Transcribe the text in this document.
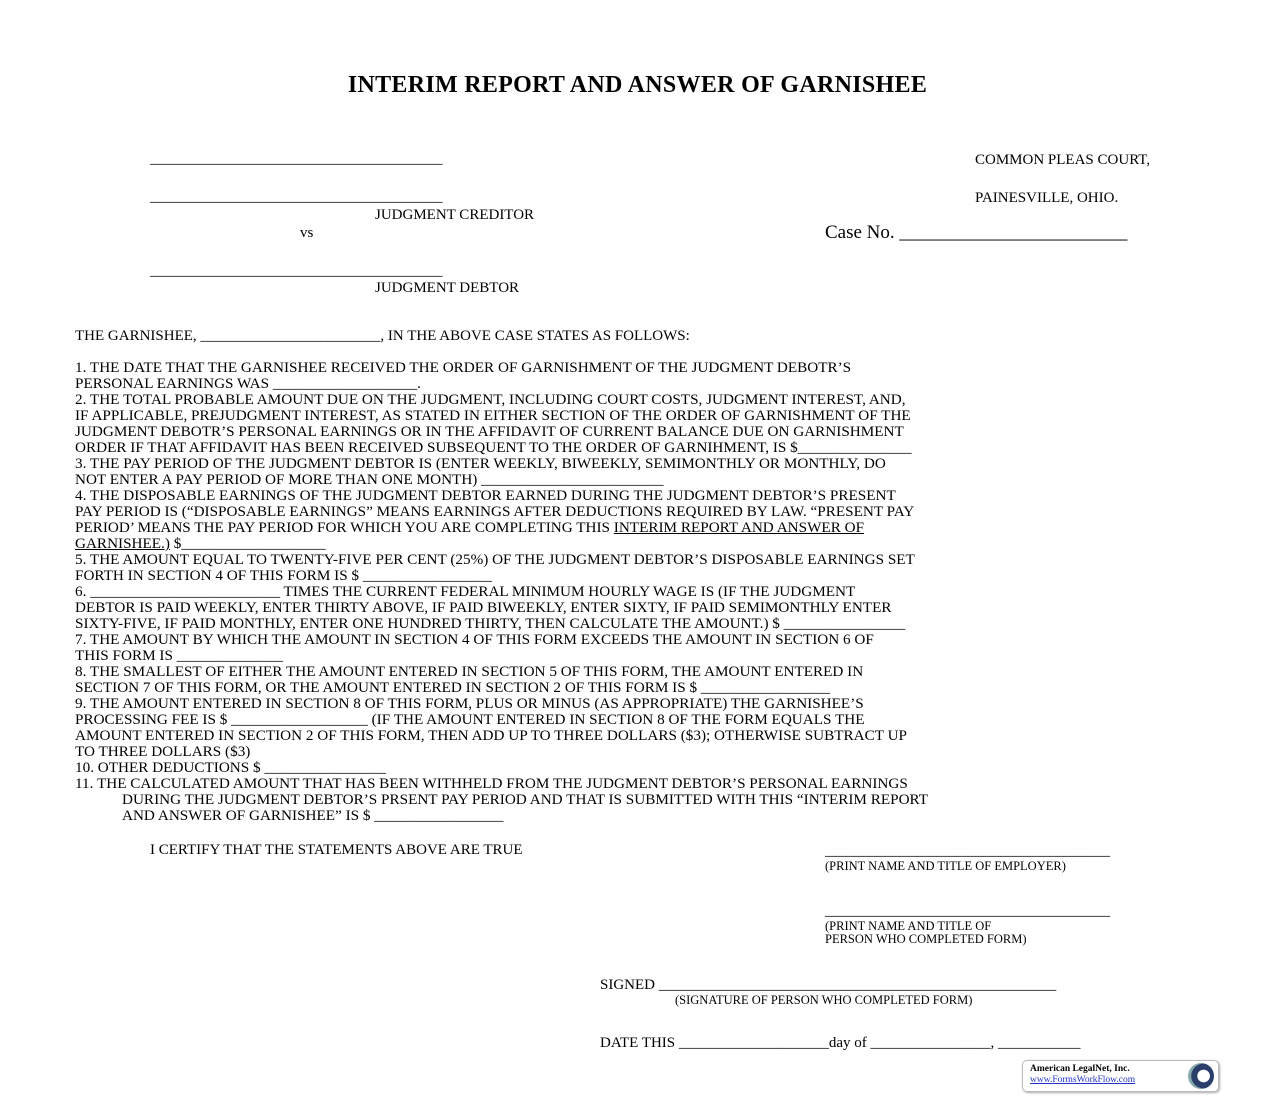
INTERIM REPORT AND ANSWER OF GARNISHEE
_______________________________________
_______________________________________
JUDGMENT CREDITOR
vs
_______________________________________
JUDGMENT DEBTOR
COMMON PLEAS COURT,
PAINESVILLE, OHIO.
Case No. ________________________
THE GARNISHEE, ________________________, IN THE ABOVE CASE STATES AS FOLLOWS:
1. THE DATE THAT THE GARNISHEE RECEIVED THE ORDER OF GARNISHMENT OF THE JUDGMENT DEBOTR’S
PERSONAL EARNINGS WAS ___________________.
2. THE TOTAL PROBABLE AMOUNT DUE ON THE JUDGMENT, INCLUDING COURT COSTS, JUDGMENT INTEREST, AND,
IF APPLICABLE, PREJUDGMENT INTEREST, AS STATED IN EITHER SECTION OF THE ORDER OF GARNISHMENT OF THE
JUDGMENT DEBOTR’S PERSONAL EARNINGS OR IN THE AFFIDAVIT OF CURRENT BALANCE DUE ON GARNISHMENT
ORDER IF THAT AFFIDAVIT HAS BEEN RECEIVED SUBSEQUENT TO THE ORDER OF GARNIHMENT, IS $_______________
3. THE PAY PERIOD OF THE JUDGMENT DEBTOR IS (ENTER WEEKLY, BIWEEKLY, SEMIMONTHLY OR MONTHLY, DO
NOT ENTER A PAY PERIOD OF MORE THAN ONE MONTH) ________________________
4. THE DISPOSABLE EARNINGS OF THE JUDGMENT DEBTOR EARNED DURING THE JUDGMENT DEBTOR’S PRESENT
PAY PERIOD IS (“DISPOSABLE EARNINGS” MEANS EARNINGS AFTER DEDUCTIONS REQUIRED BY LAW. “PRESENT PAY
PERIOD’ MEANS THE PAY PERIOD FOR WHICH YOU ARE COMPLETING THIS INTERIM REPORT AND ANSWER OF
GARNISHEE.) $___________________
5. THE AMOUNT EQUAL TO TWENTY-FIVE PER CENT (25%) OF THE JUDGMENT DEBTOR’S DISPOSABLE EARNINGS SET
FORTH IN SECTION 4 OF THIS FORM IS $ _________________
6. _________________________ TIMES THE CURRENT FEDERAL MINIMUM HOURLY WAGE IS (IF THE JUDGMENT
DEBTOR IS PAID WEEKLY, ENTER THIRTY ABOVE, IF PAID BIWEEKLY, ENTER SIXTY, IF PAID SEMIMONTHLY ENTER
SIXTY-FIVE, IF PAID MONTHLY, ENTER ONE HUNDRED THIRTY, THEN CALCULATE THE AMOUNT.) $ ________________
7. THE AMOUNT BY WHICH THE AMOUNT IN SECTION 4 OF THIS FORM EXCEEDS THE AMOUNT IN SECTION 6 OF
THIS FORM IS ______________
8. THE SMALLEST OF EITHER THE AMOUNT ENTERED IN SECTION 5 OF THIS FORM, THE AMOUNT ENTERED IN
SECTION 7 OF THIS FORM, OR THE AMOUNT ENTERED IN SECTION 2 OF THIS FORM IS $ _________________
9. THE AMOUNT ENTERED IN SECTION 8 OF THIS FORM, PLUS OR MINUS (AS APPROPRIATE) THE GARNISHEE’S
PROCESSING FEE IS $ __________________ (IF THE AMOUNT ENTERED IN SECTION 8 OF THE FORM EQUALS THE
AMOUNT ENTERED IN SECTION 2 OF THIS FORM, THEN ADD UP TO THREE DOLLARS ($3); OTHERWISE SUBTRACT UP
TO THREE DOLLARS ($3)
10. OTHER DEDUCTIONS $ ________________
11. THE CALCULATED AMOUNT THAT HAS BEEN WITHHELD FROM THE JUDGMENT DEBTOR’S PERSONAL EARNINGS
DURING THE JUDGMENT DEBTOR’S PRSENT PAY PERIOD AND THAT IS SUBMITTED WITH THIS “INTERIM REPORT
AND ANSWER OF GARNISHEE” IS $ _________________
I CERTIFY THAT THE STATEMENTS ABOVE ARE TRUE	______________________________________
(PRINT NAME AND TITLE OF EMPLOYER)
______________________________________
(PRINT NAME AND TITLE OF
PERSON WHO COMPLETED FORM)
SIGNED _____________________________________________________
(SIGNATURE OF PERSON WHO COMPLETED FORM)
DATE THIS ____________________day of ________________, ___________
American LegalNet, Inc.
www.FormsWorkFlow.com
